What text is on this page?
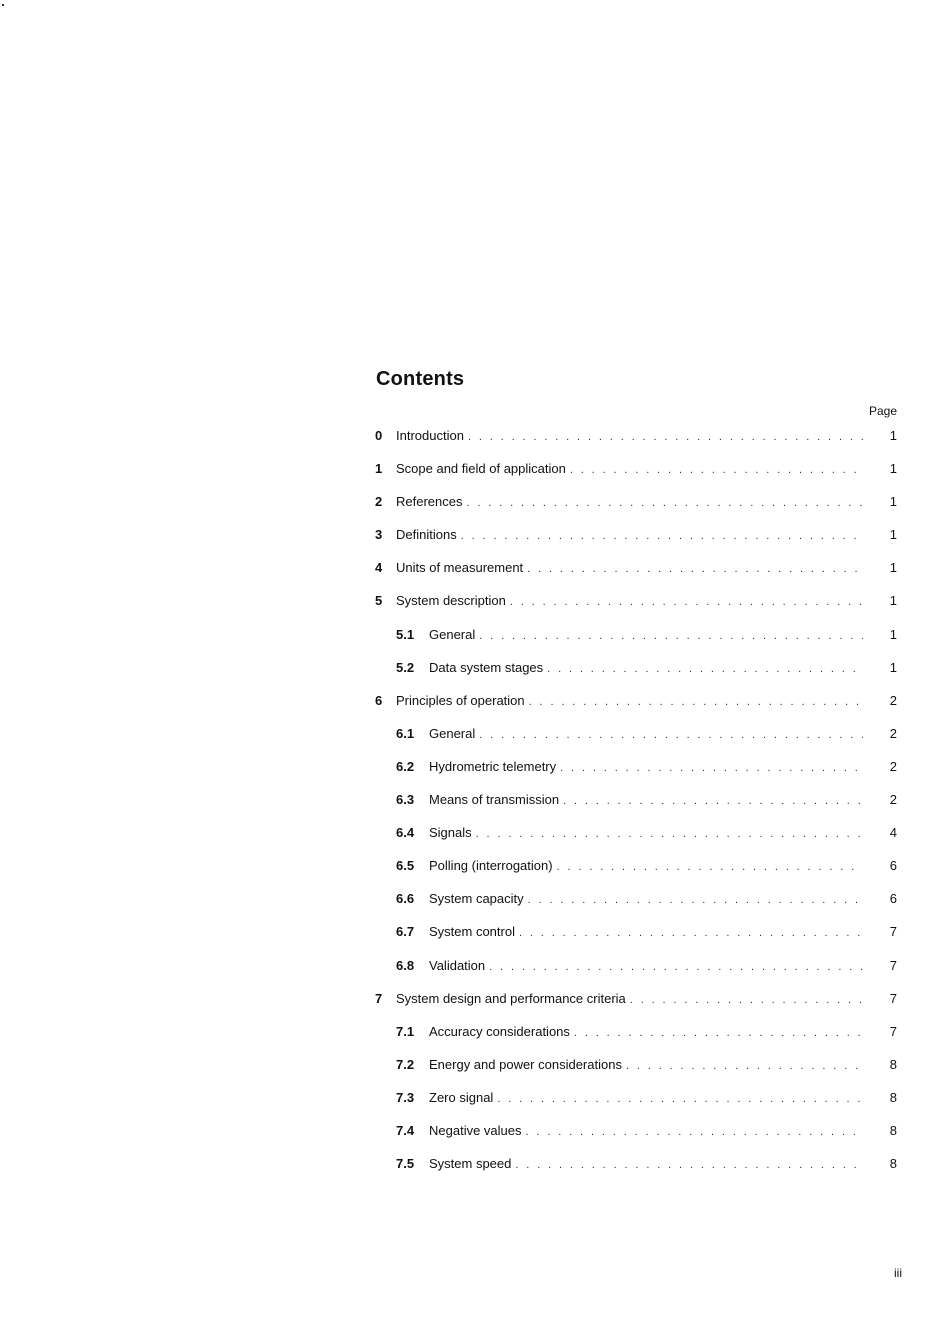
Contents
Page
0	Introduction . . .	1
1	Scope and field of application . . .	1
2	References . . .	1
3	Definitions . . .	1
4	Units of measurement . . .	1
5	System description . . .	1
5.1	General . . .	1
5.2	Data system stages . . .	1
6	Principles of operation . . .	2
6.1	General . . .	2
6.2	Hydrometric telemetry . . .	2
6.3	Means of transmission . . .	2
6.4	Signals . . .	4
6.5	Polling (interrogation) . . .	6
6.6	System capacity . . .	6
6.7	System control . . .	7
6.8	Validation . . .	7
7	System design and performance criteria . . .	7
7.1	Accuracy considerations . . .	7
7.2	Energy and power considerations . . .	8
7.3	Zero signal . . .	8
7.4	Negative values . . .	8
7.5	System speed . . .	8
iii
